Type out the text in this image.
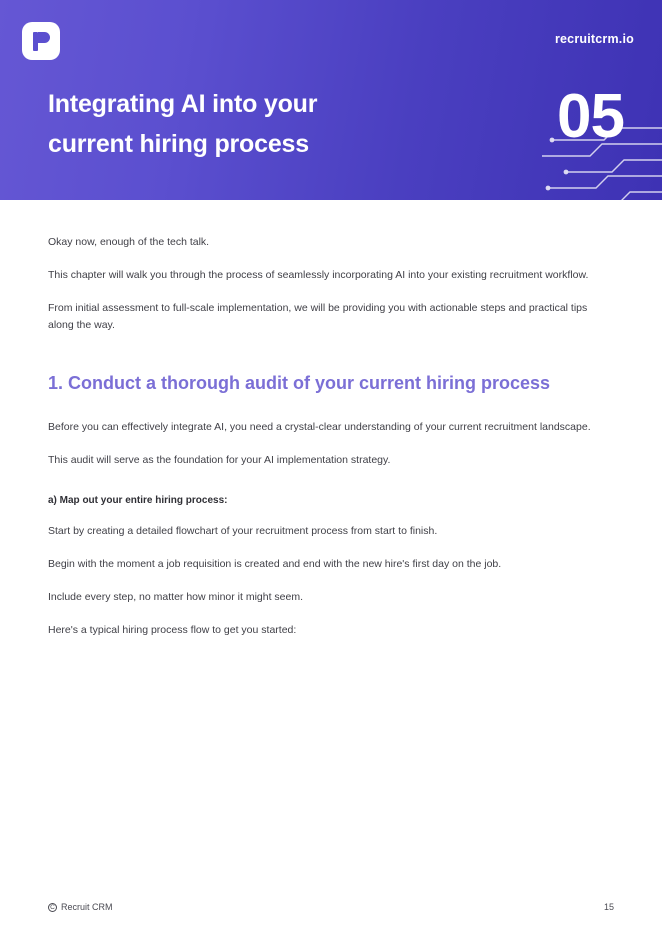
recruitcrm.io
Integrating AI into your
current hiring process	05

Okay now, enough of the tech talk.

This chapter will walk you through the process of seamlessly incorporating AI into your existing recruitment workflow.

From initial assessment to full-scale implementation, we will be providing you with actionable steps and practical tips along the way.

1. Conduct a thorough audit of your current hiring process

Before you can effectively integrate AI, you need a crystal-clear understanding of your current recruitment landscape.

This audit will serve as the foundation for your AI implementation strategy.

a) Map out your entire hiring process:

Start by creating a detailed flowchart of your recruitment process from start to finish.

Begin with the moment a job requisition is created and end with the new hire's first day on the job.

Include every step, no matter how minor it might seem.

Here's a typical hiring process flow to get you started:

C Recruit CRM	15
